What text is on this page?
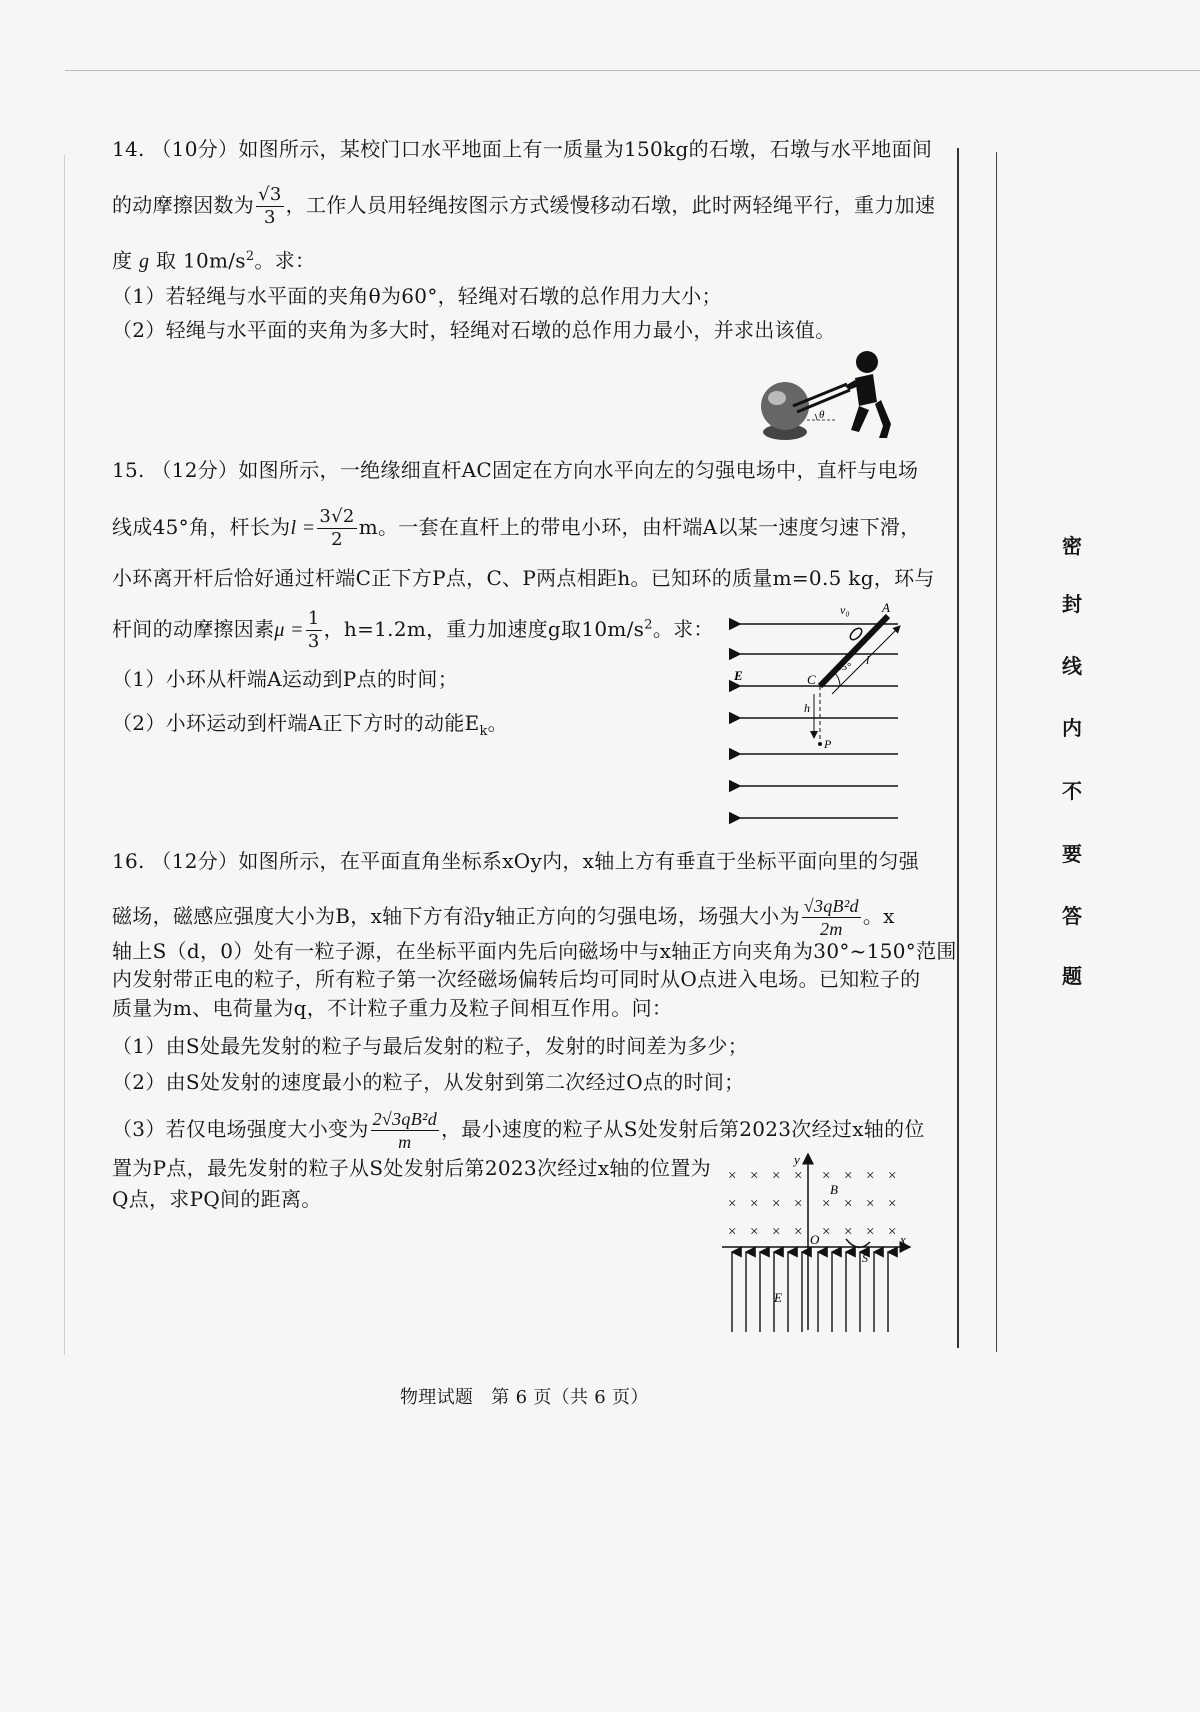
14. （10分）如图所示，某校门口水平地面上有一质量为150kg的石墩，石墩与水平地面间
的动摩擦因数为 $\frac{√3}{3}$ ，工作人员用轻绳按图示方式缓慢移动石墩，此时两轻绳平行，重力加速
度 g 取 $10m/s^2$。求：
（1）若轻绳与水平面的夹角θ为60°，轻绳对石墩的总作用力大小；
（2）轻绳与水平面的夹角为多大时，轻绳对石墩的总作用力最小，并求出该值。
θ
15. （12分）如图所示，一绝缘细直杆AC固定在方向水平向左的匀强电场中，直杆与电场
线成45°角，杆长为$l = \frac{3√2}{2}$ m。一套在直杆上的带电小环，由杆端A以某一速度匀速下滑，
小环离开杆后恰好通过杆端C正下方P点，C、P两点相距h。已知环的质量m=0.5 kg，环与
杆间的动摩擦因素$\mu = \frac{1}{3}$ ，h=1.2m，重力加速度g取$10m/s^2$。求：
（1）小环从杆端A运动到P点的时间；
（2）小环运动到杆端A正下方时的动能$E_k$。
v₀	A
C
45° l
E
h
P
16. （12分）如图所示，在平面直角坐标系xOy内，x轴上方有垂直于坐标平面向里的匀强
磁场，磁感应强度大小为B，x轴下方有沿y轴正方向的匀强电场，场强大小为 $\frac{\text{√3qB²d}}{2m}$ 。x
轴上S（d，0）处有一粒子源，在坐标平面内先后向磁场中与x轴正方向夹角为30°~150°范围
内发射带正电的粒子，所有粒子第一次经磁场偏转后均可同时从O点进入电场。已知粒子的
质量为m、电荷量为q，不计粒子重力及粒子间相互作用。问：
（1）由S处最先发射的粒子与最后发射的粒子，发射的时间差为多少；
（2）由S处发射的速度最小的粒子，从发射到第二次经过O点的时间；
（3）若仅电场强度大小变为 $\frac{\text{2√3qB²d}}{m}$ ，最小速度的粒子从S处发射后第2023次经过x轴的位
置为P点，最先发射的粒子从S处发射后第2023次经过x轴的位置为
Q点，求PQ间的距离。
× × × × × × × ×
× × × × × × × ×
× × × × × × × ×
y
x
B
O
S
E
密
封
线
内
不
要
答
题
物理试题   第 6 页（共 6 页）
